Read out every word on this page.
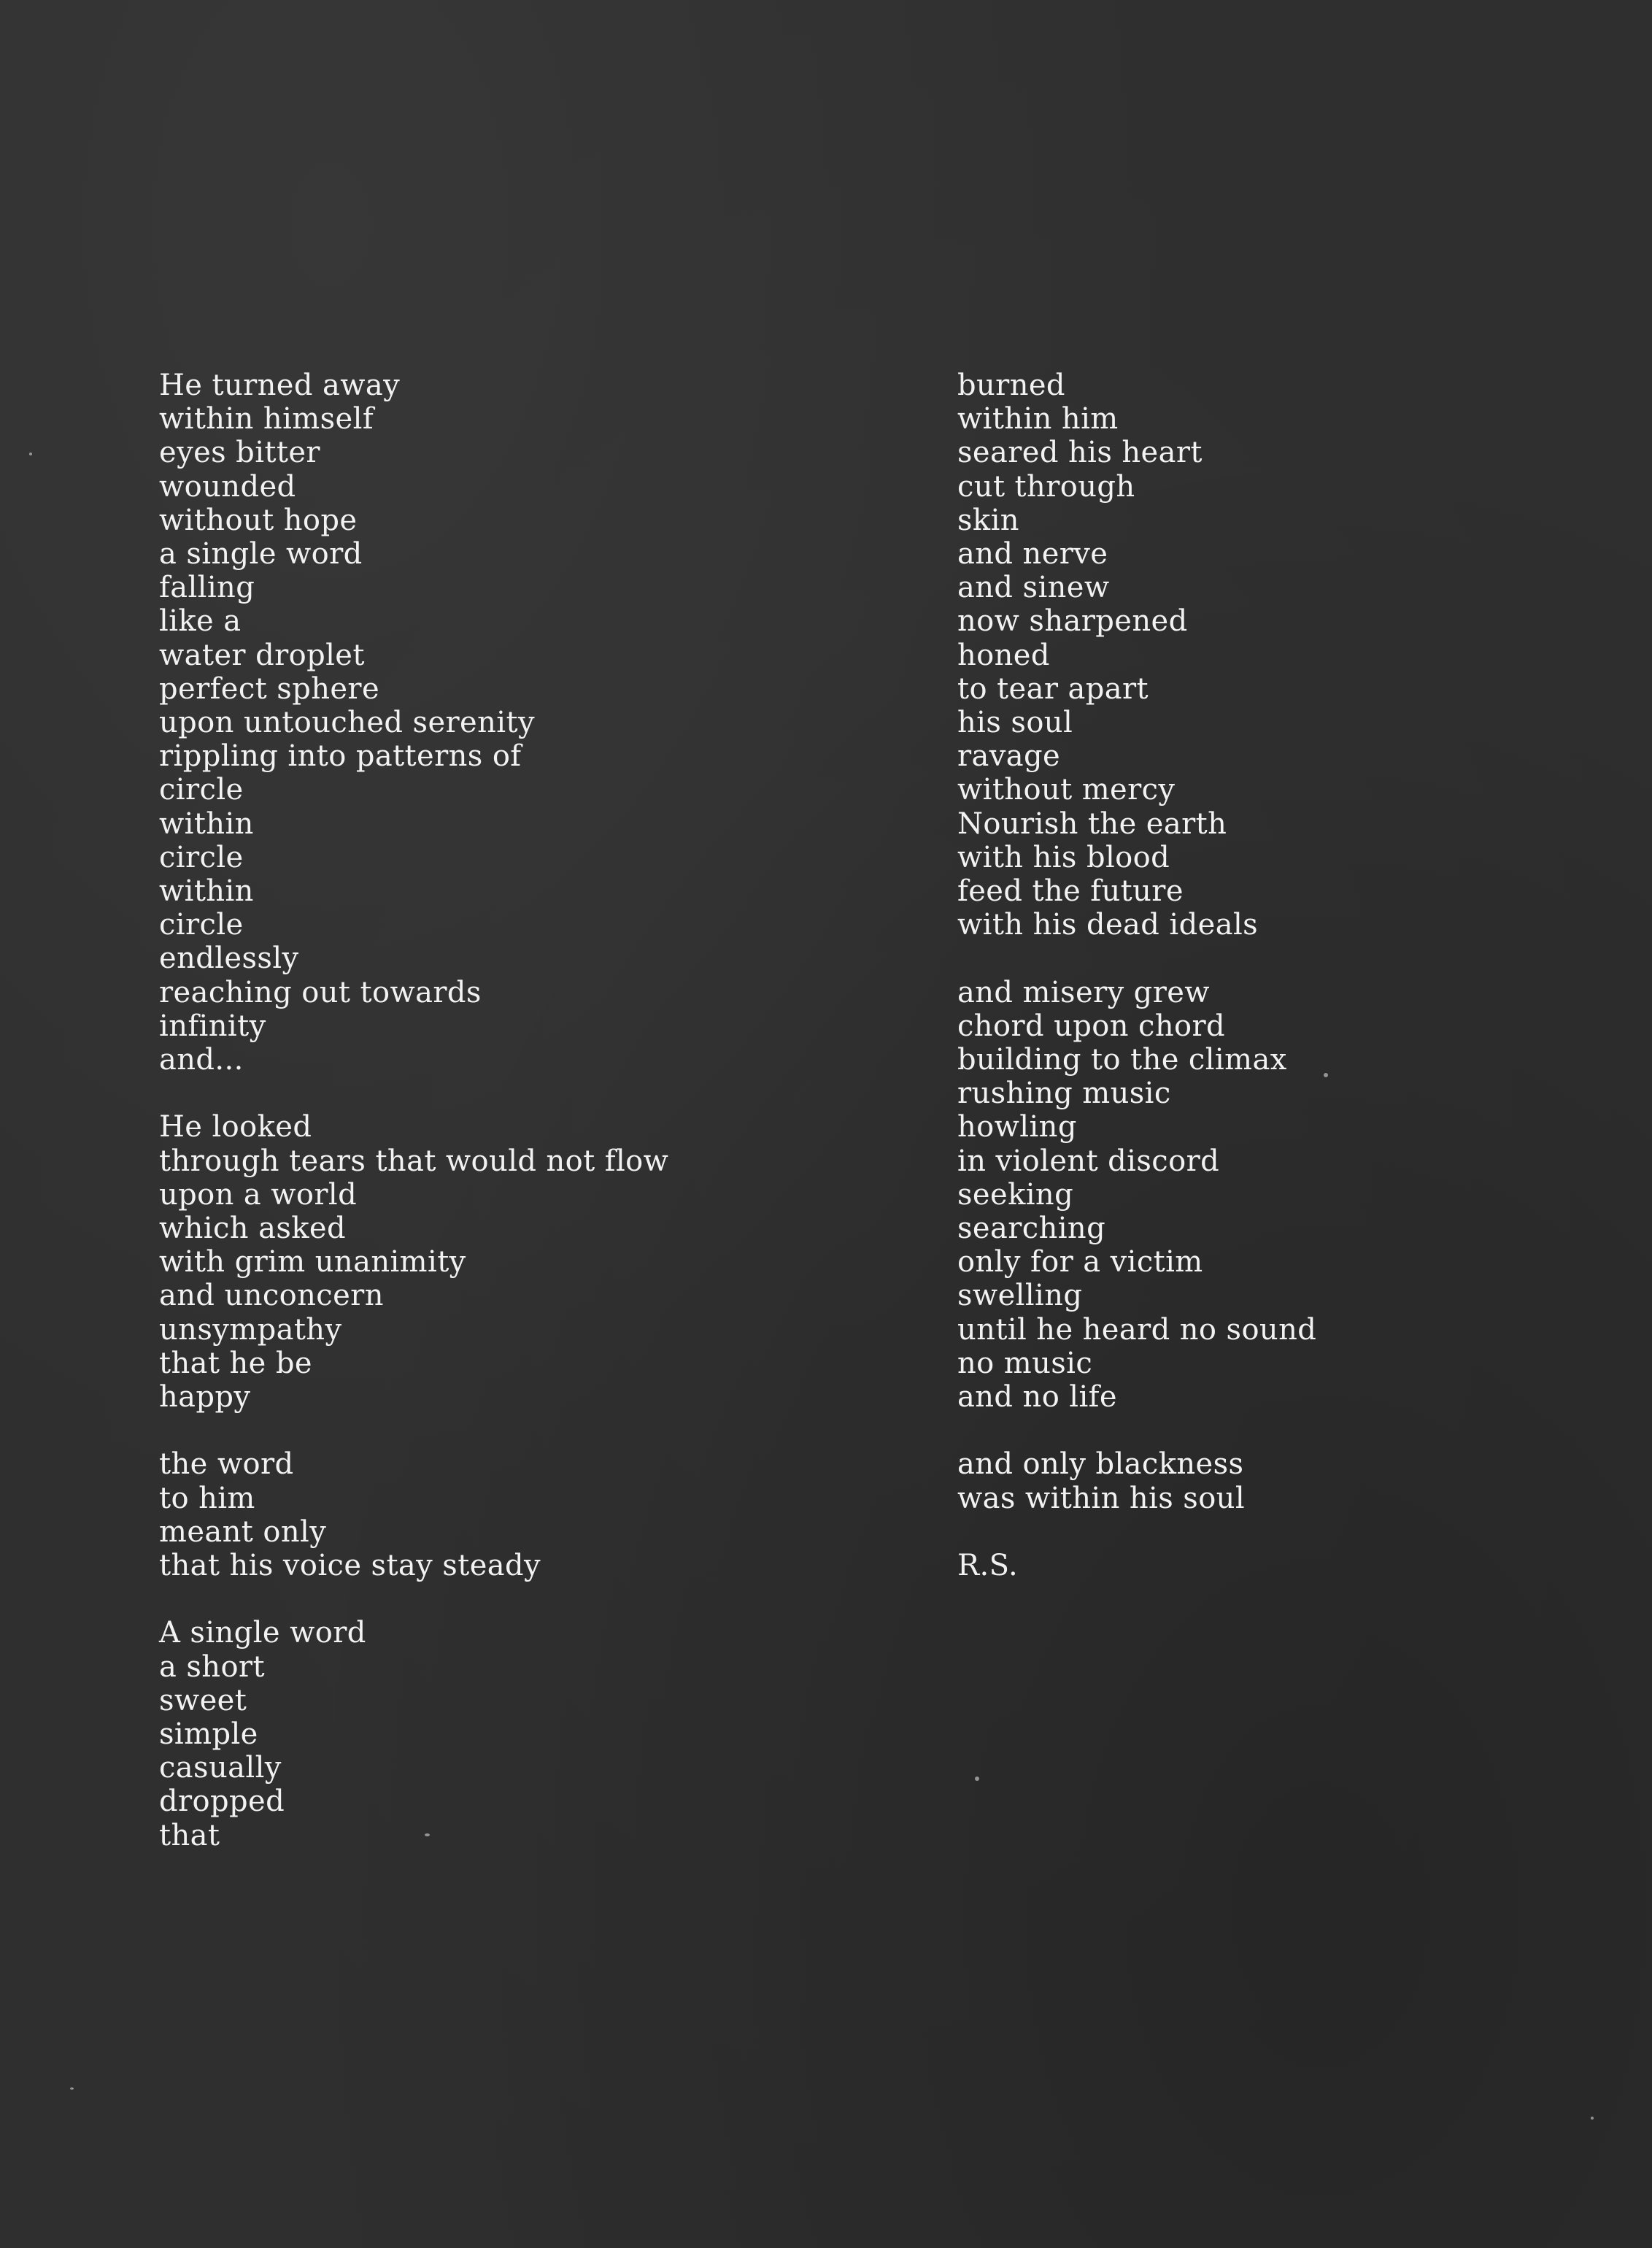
He turned away
within himself
eyes bitter
wounded
without hope
a single word
falling
like a
water droplet
perfect sphere
upon untouched serenity
rippling into patterns of
circle
within
circle
within
circle
endlessly
reaching out towards
infinity
and...
He looked
through tears that would not flow
upon a world
which asked
with grim unanimity
and unconcern
unsympathy
that he be
happy
the word
to him
meant only
that his voice stay steady
A single word
a short
sweet
simple
casually
dropped
that
burned
within him
seared his heart
cut through
skin
and nerve
and sinew
now sharpened
honed
to tear apart
his soul
ravage
without mercy
Nourish the earth
with his blood
feed the future
with his dead ideals
and misery grew
chord upon chord
building to the climax
rushing music
howling
in violent discord
seeking
searching
only for a victim
swelling
until he heard no sound
no music
and no life
and only blackness
was within his soul
R.S.
